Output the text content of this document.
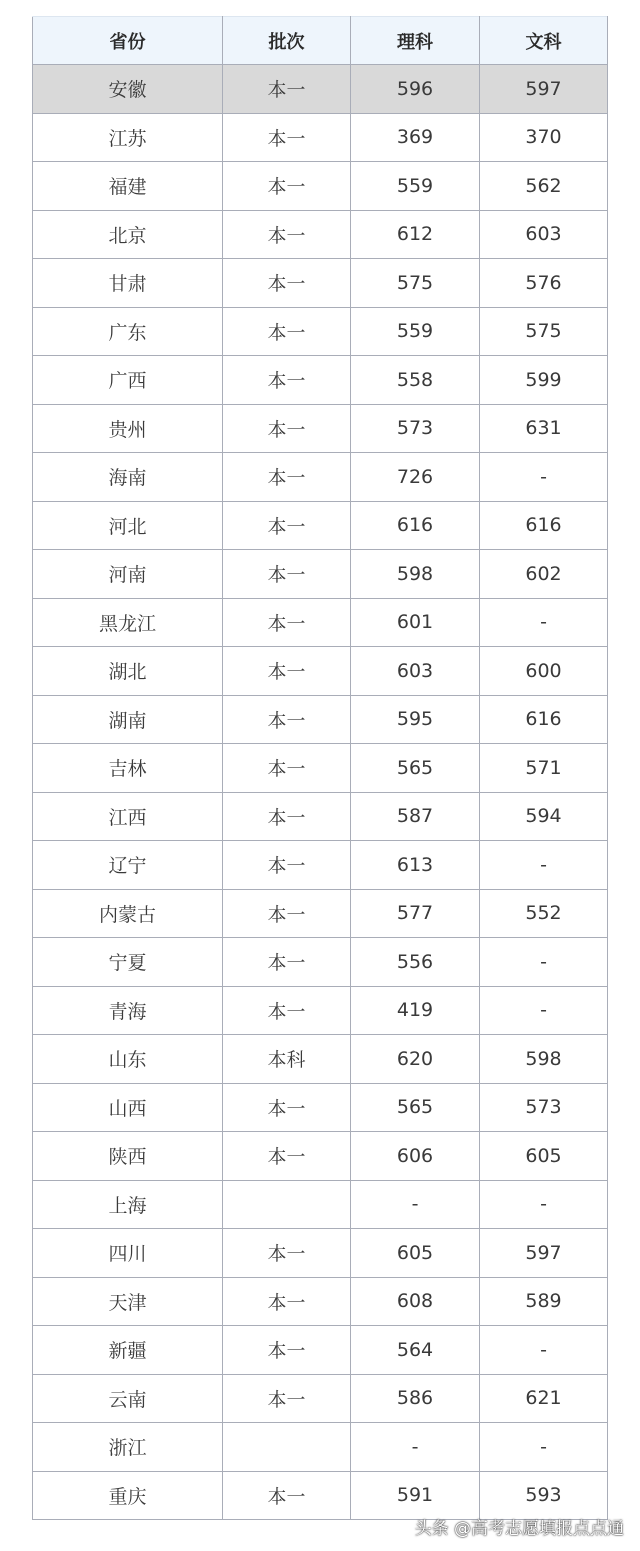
省份	批次	理科	文科
安徽	本一	596	597
江苏	本一	369	370
福建	本一	559	562
北京	本一	612	603
甘肃	本一	575	576
广东	本一	559	575
广西	本一	558	599
贵州	本一	573	631
海南	本一	726	-
河北	本一	616	616
河南	本一	598	602
黑龙江	本一	601	-
湖北	本一	603	600
湖南	本一	595	616
吉林	本一	565	571
江西	本一	587	594
辽宁	本一	613	-
内蒙古	本一	577	552
宁夏	本一	556	-
青海	本一	419	-
山东	本科	620	598
山西	本一	565	573
陕西	本一	606	605
上海		-	-
四川	本一	605	597
天津	本一	608	589
新疆	本一	564	-
云南	本一	586	621
浙江		-	-
重庆	本一	591	593
头条 @高考志愿填报点点通
